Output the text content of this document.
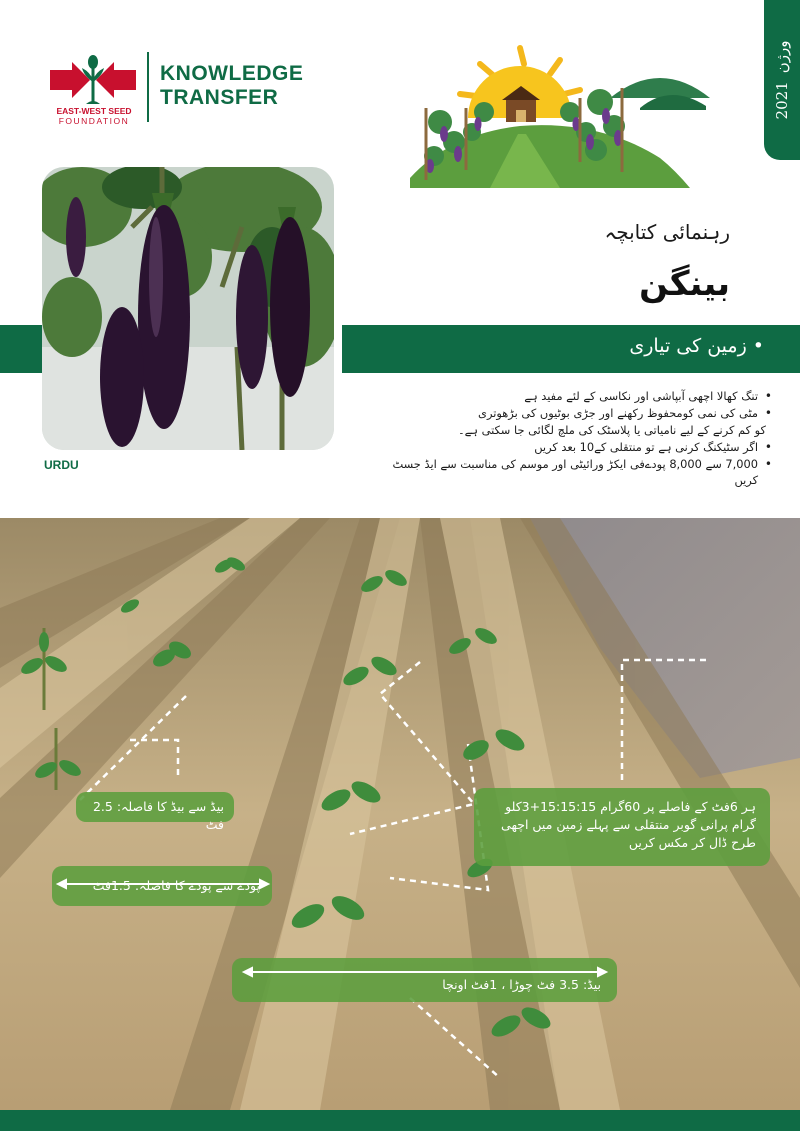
EAST-WEST SEED
FOUNDATION
KNOWLEDGE
TRANSFER
ورژن
2021
URDU
رہنمائی کتابچہ
بینگن
• زمین کی تیاری
• تنگ کھالا اچھی آبپاشی اور نکاسی کے لئے مفید ہے
• مٹی کی نمی کومحفوظ رکھنے اور جڑی بوٹیوں کی بڑھوتری
کو کم کرنے کے لیے نامیاتی یا پلاسٹک کی ملچ لگائی جا سکتی ہے۔
• اگر سٹیکنگ کرنی ہے تو منتقلی کے10 بعد کریں
• 7,000 سے 8,000 پودےفی ایکڑ ورائیٹی اور موسم کی مناسبت سے ایڈ جسٹ کریں
بیڈ سے بیڈ کا فاصلہ: 2.5 فٹ
پودے سے پودے کا فاصلہ: 1.5فٹ
ہر 6فٹ کے فاصلے پر 60گرام 15:15:15+3کلو گرام پرانی گوبر منتقلی سے پہلے زمین میں اچھی طرح ڈال کر مکس کریں
بیڈ: 3.5 فٹ چوڑا ، 1فٹ اونچا
